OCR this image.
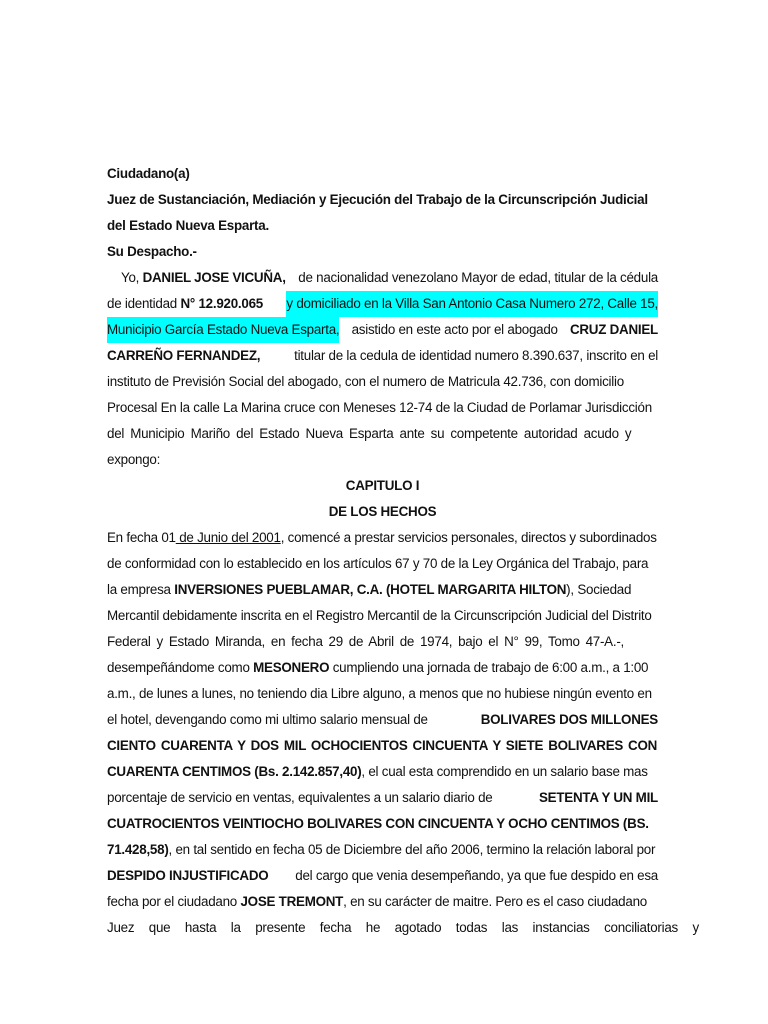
Ciudadano(a)
Juez de Sustanciación, Mediación y Ejecución del Trabajo de la Circunscripción Judicial
del Estado Nueva Esparta.
Su Despacho.-
Yo, DANIEL JOSE VICUÑA, de nacionalidad venezolano Mayor de edad, titular de la cédula
de identidad N° 12.920.065 y domiciliado en la Villa San Antonio Casa Numero 272, Calle 15,
Municipio García Estado Nueva Esparta, asistido en este acto por el abogado CRUZ DANIEL
CARREÑO FERNANDEZ,	titular de la cedula de identidad numero 8.390.637, inscrito en el
instituto de Previsión Social del abogado, con el numero de Matricula 42.736, con domicilio
Procesal En la calle La Marina cruce con Meneses 12-74 de la Ciudad de Porlamar Jurisdicción
del Municipio Mariño del Estado Nueva Esparta ante su competente autoridad acudo y
expongo:
CAPITULO I
DE LOS HECHOS
En fecha 01 de Junio del 2001, comencé a prestar servicios personales, directos y subordinados
de conformidad con lo establecido en los artículos 67 y 70 de la Ley Orgánica del Trabajo, para
la empresa INVERSIONES PUEBLAMAR, C.A. (HOTEL MARGARITA HILTON), Sociedad
Mercantil debidamente inscrita en el Registro Mercantil de la Circunscripción Judicial del Distrito
Federal y Estado Miranda, en fecha 29 de Abril de 1974, bajo el N° 99, Tomo 47-A.-,
desempeñándome como MESONERO cumpliendo una jornada de trabajo de 6:00 a.m., a 1:00
a.m., de lunes a lunes, no teniendo dia Libre alguno, a menos que no hubiese ningún evento en
el hotel, devengando como mi ultimo salario mensual de	BOLIVARES DOS MILLONES
CIENTO CUARENTA Y DOS MIL OCHOCIENTOS CINCUENTA Y SIETE BOLIVARES CON
CUARENTA CENTIMOS (Bs. 2.142.857,40), el cual esta comprendido en un salario base mas
porcentaje de servicio en ventas, equivalentes a un salario diario de	SETENTA Y UN MIL
CUATROCIENTOS VEINTIOCHO BOLIVARES CON CINCUENTA Y OCHO CENTIMOS (BS.
71.428,58), en tal sentido en fecha 05 de Diciembre del año 2006, termino la relación laboral por
DESPIDO INJUSTIFICADO del cargo que venia desempeñando, ya que fue despido en esa
fecha por el ciudadano JOSE TREMONT, en su carácter de maitre. Pero es el caso ciudadano
Juez que hasta la presente fecha he agotado todas las instancias conciliatorias y
